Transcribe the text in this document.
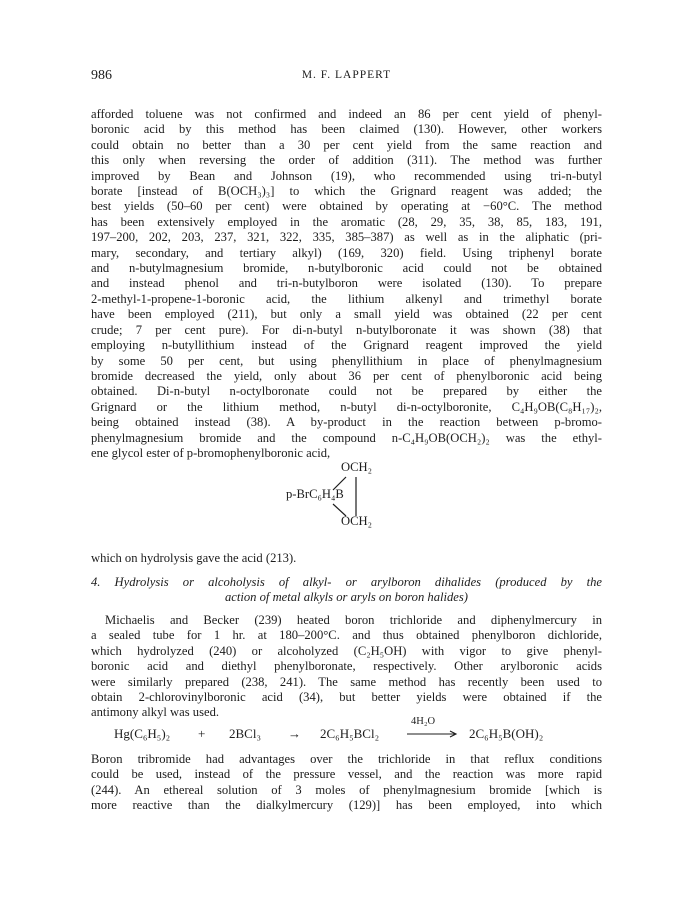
986	M. F. LAPPERT

afforded toluene was not confirmed and indeed an 86 per cent yield of phenyl-

boronic acid by this method has been claimed (130). However, other workers

could obtain no better than a 30 per cent yield from the same reaction and

this only when reversing the order of addition (311). The method was further

improved by Bean and Johnson (19), who recommended using tri-n-butyl

borate [instead of B(OCH₃)₃] to which the Grignard reagent was added; the

best yields (50–60 per cent) were obtained by operating at −60°C. The method

has been extensively employed in the aromatic (28, 29, 35, 38, 85, 183, 191,

197–200, 202, 203, 237, 321, 322, 335, 385–387) as well as in the aliphatic (pri-

mary, secondary, and tertiary alkyl) (169, 320) field. Using triphenyl borate

and n-butylmagnesium bromide, n-butylboronic acid could not be obtained

and instead phenol and tri-n-butylboron were isolated (130). To prepare

2-methyl-1-propene-1-boronic acid, the lithium alkenyl and trimethyl borate

have been employed (211), but only a small yield was obtained (22 per cent

crude; 7 per cent pure). For di-n-butyl n-butylboronate it was shown (38) that

employing n-butyllithium instead of the Grignard reagent improved the yield

by some 50 per cent, but using phenyllithium in place of phenylmagnesium

bromide decreased the yield, only about 36 per cent of phenylboronic acid being

obtained. Di-n-butyl n-octylboronate could not be prepared by either the

Grignard or the lithium method, n-butyl di-n-octylboronite, C₄H₉OB(C₈H₁₇)₂,

being obtained instead (38). A by-product in the reaction between p-bromo-

phenylmagnesium bromide and the compound n-C₄H₉OB(OCH₂)₂ was the ethyl-

ene glycol ester of p-bromophenylboronic acid,

OCH₂
p-BrC₆H₄B
OCH₂

which on hydrolysis gave the acid (213).

4. Hydrolysis or alcoholysis of alkyl- or arylboron dihalides (produced by the
action of metal alkyls or aryls on boron halides)

Michaelis and Becker (239) heated boron trichloride and diphenylmercury in

a sealed tube for 1 hr. at 180–200°C. and thus obtained phenylboron dichloride,

which hydrolyzed (240) or alcoholyzed (C₂H₅OH) with vigor to give phenyl-

boronic acid and diethyl phenylboronate, respectively. Other arylboronic acids

were similarly prepared (238, 241). The same method has recently been used to

obtain 2-chlorovinylboronic acid (34), but better yields were obtained if the

antimony alkyl was used.

Hg(C₆H₅)₂ + 2BCl₃ → 2C₆H₅BCl₂
4H₂O
2C₆H₅B(OH)₂

Boron tribromide had advantages over the trichloride in that reflux conditions

could be used, instead of the pressure vessel, and the reaction was more rapid

(244). An ethereal solution of 3 moles of phenylmagnesium bromide [which is

more reactive than the dialkylmercury (129)] has been employed, into which
